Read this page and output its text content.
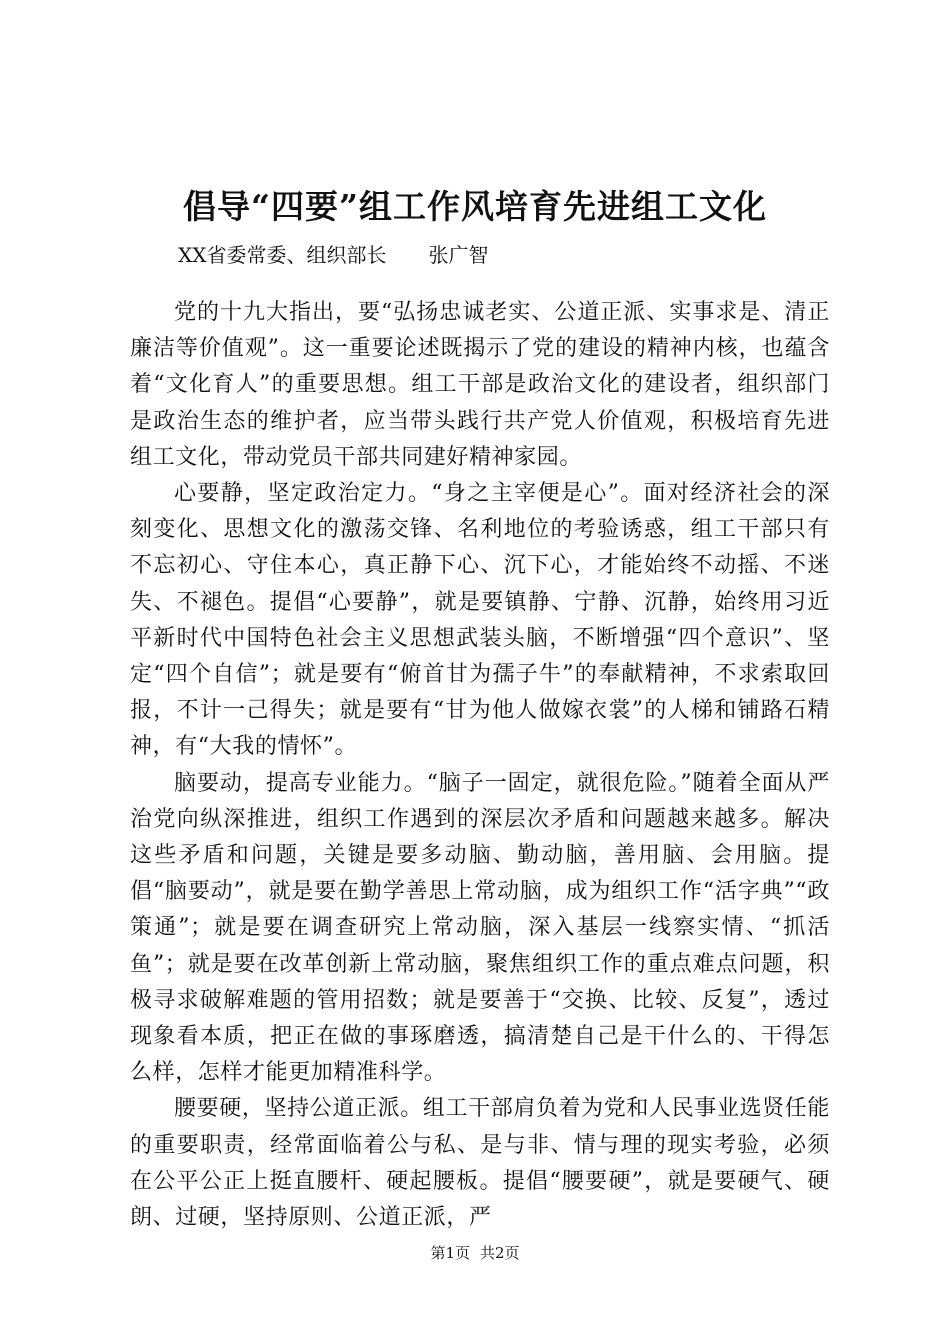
倡导“四要”组工作风培育先进组工文化
XX省委常委、组织部长 张广智

党的十九大指出，要“弘扬忠诚老实、公道正派、实事求是、清正廉洁等价值观”。这一重要论述既揭示了党的建设的精神内核，也蕴含着“文化育人”的重要思想。组工干部是政治文化的建设者，组织部门是政治生态的维护者，应当带头践行共产党人价值观，积极培育先进组工文化，带动党员干部共同建好精神家园。

心要静，坚定政治定力。“身之主宰便是心”。面对经济社会的深刻变化、思想文化的激荡交锋、名利地位的考验诱惑，组工干部只有不忘初心、守住本心，真正静下心、沉下心，才能始终不动摇、不迷失、不褪色。提倡“心要静”，就是要镇静、宁静、沉静，始终用习近平新时代中国特色社会主义思想武装头脑，不断增强“四个意识”、坚定“四个自信”；就是要有“俯首甘为孺子牛”的奉献精神，不求索取回报，不计一己得失；就是要有“甘为他人做嫁衣裳”的人梯和铺路石精神，有“大我的情怀”。

脑要动，提高专业能力。“脑子一固定，就很危险。”随着全面从严治党向纵深推进，组织工作遇到的深层次矛盾和问题越来越多。解决这些矛盾和问题，关键是要多动脑、勤动脑，善用脑、会用脑。提倡“脑要动”，就是要在勤学善思上常动脑，成为组织工作“活字典”“政策通”；就是要在调查研究上常动脑，深入基层一线察实情、“抓活鱼”；就是要在改革创新上常动脑，聚焦组织工作的重点难点问题，积极寻求破解难题的管用招数；就是要善于“交换、比较、反复”，透过现象看本质，把正在做的事琢磨透，搞清楚自己是干什么的、干得怎么样，怎样才能更加精准科学。

腰要硬，坚持公道正派。组工干部肩负着为党和人民事业选贤任能的重要职责，经常面临着公与私、是与非、情与理的现实考验，必须在公平公正上挺直腰杆、硬起腰板。提倡“腰要硬”，就是要硬气、硬朗、过硬，坚持原则、公道正派，严

第1页 共2页
